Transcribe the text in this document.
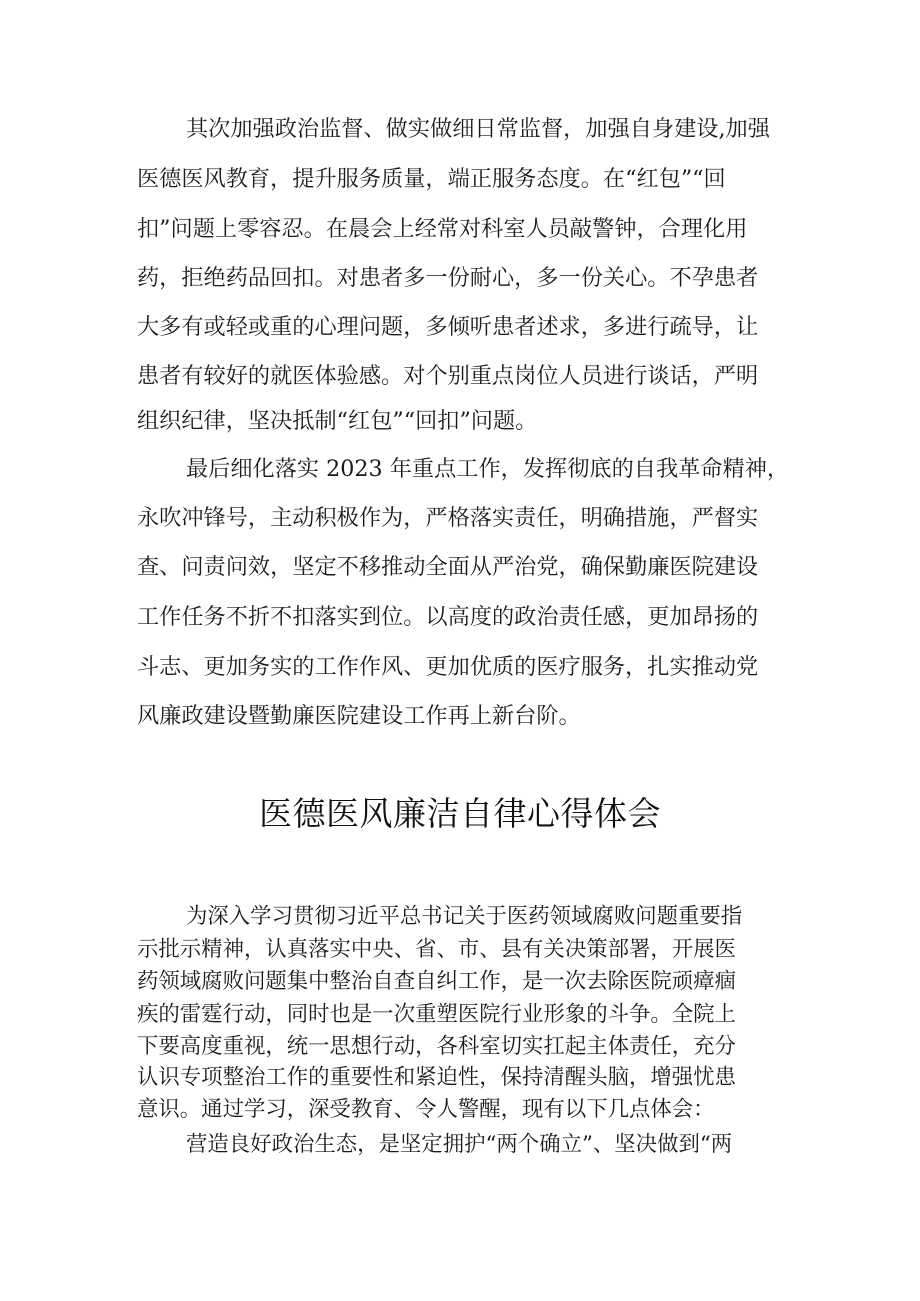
其次加强政治监督、做实做细日常监督，加强自身建设,加强
医德医风教育，提升服务质量，端正服务态度。在“红包”“回
扣”问题上零容忍。在晨会上经常对科室人员敲警钟，合理化用
药，拒绝药品回扣。对患者多一份耐心，多一份关心。不孕患者
大多有或轻或重的心理问题，多倾听患者述求，多进行疏导，让
患者有较好的就医体验感。对个别重点岗位人员进行谈话，严明
组织纪律，坚决抵制“红包”“回扣”问题。
最后细化落实 2023 年重点工作，发挥彻底的自我革命精神，
永吹冲锋号，主动积极作为，严格落实责任，明确措施，严督实
查、问责问效，坚定不移推动全面从严治党，确保勤廉医院建设
工作任务不折不扣落实到位。以高度的政治责任感，更加昂扬的
斗志、更加务实的工作作风、更加优质的医疗服务，扎实推动党
风廉政建设暨勤廉医院建设工作再上新台阶。
医德医风廉洁自律心得体会
为深入学习贯彻习近平总书记关于医药领域腐败问题重要指
示批示精神，认真落实中央、省、市、县有关决策部署，开展医
药领域腐败问题集中整治自查自纠工作，是一次去除医院顽瘴痼
疾的雷霆行动，同时也是一次重塑医院行业形象的斗争。全院上
下要高度重视，统一思想行动，各科室切实扛起主体责任，充分
认识专项整治工作的重要性和紧迫性，保持清醒头脑，增强忧患
意识。通过学习，深受教育、令人警醒，现有以下几点体会：
营造良好政治生态，是坚定拥护“两个确立”、坚决做到“两
